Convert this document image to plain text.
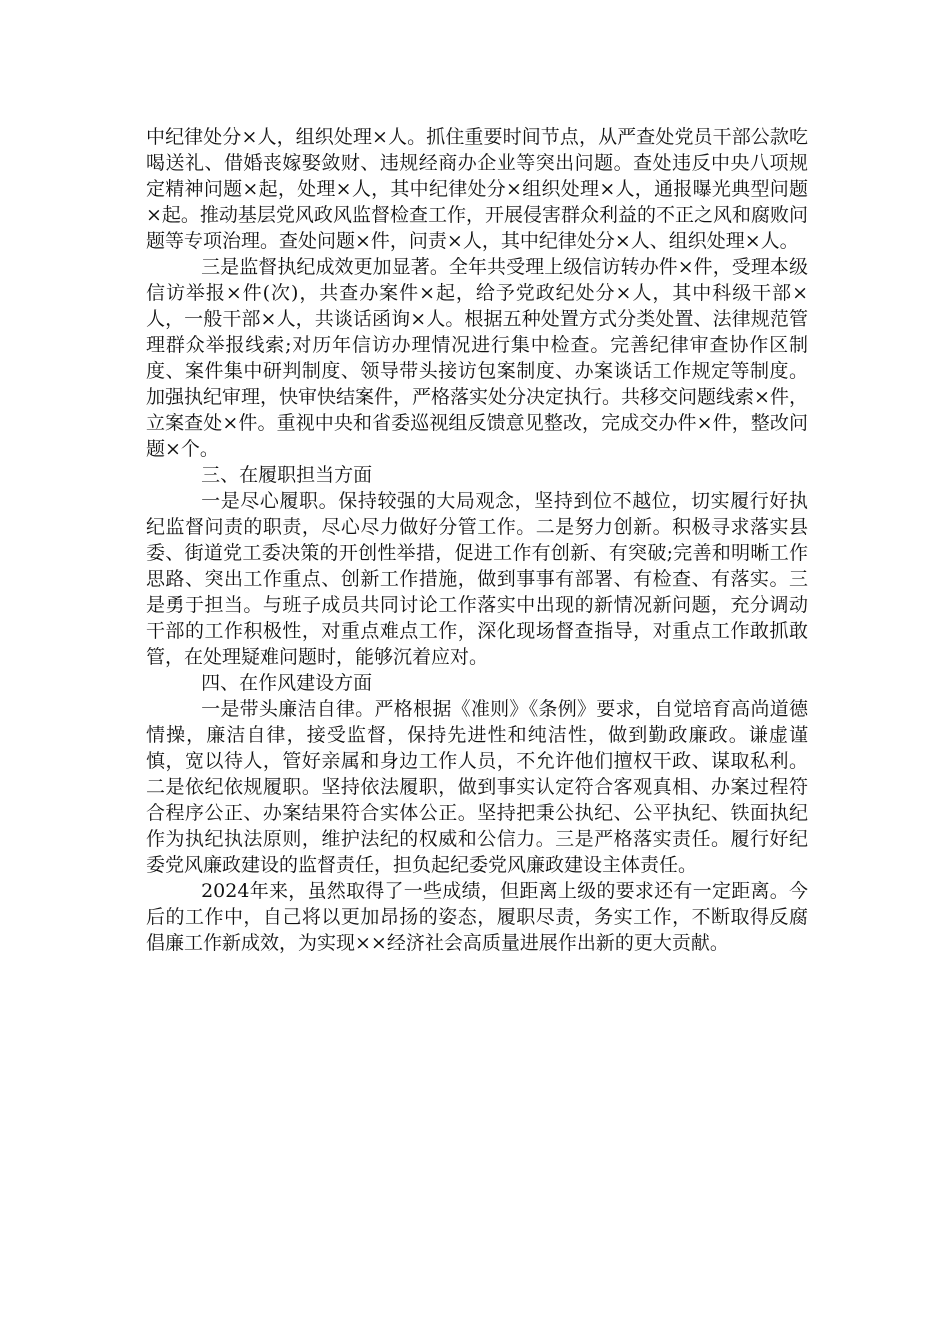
中纪律处分×人，组织处理×人。抓住重要时间节点，从严查处党员干部公款吃喝送礼、借婚丧嫁娶敛财、违规经商办企业等突出问题。查处违反中央八项规定精神问题×起，处理×人，其中纪律处分×组织处理×人，通报曝光典型问题×起。推动基层党风政风监督检查工作，开展侵害群众利益的不正之风和腐败问题等专项治理。查处问题×件，问责×人，其中纪律处分×人、组织处理×人。

三是监督执纪成效更加显著。全年共受理上级信访转办件×件，受理本级信访举报×件(次)，共查办案件×起，给予党政纪处分×人，其中科级干部×人，一般干部×人，共谈话函询×人。根据五种处置方式分类处置、法律规范管理群众举报线索;对历年信访办理情况进行集中检查。完善纪律审查协作区制度、案件集中研判制度、领导带头接访包案制度、办案谈话工作规定等制度。加强执纪审理，快审快结案件，严格落实处分决定执行。共移交问题线索×件，立案查处×件。重视中央和省委巡视组反馈意见整改，完成交办件×件，整改问题×个。

三、在履职担当方面

一是尽心履职。保持较强的大局观念，坚持到位不越位，切实履行好执纪监督问责的职责，尽心尽力做好分管工作。二是努力创新。积极寻求落实县委、街道党工委决策的开创性举措，促进工作有创新、有突破;完善和明晰工作思路、突出工作重点、创新工作措施，做到事事有部署、有检查、有落实。三是勇于担当。与班子成员共同讨论工作落实中出现的新情况新问题，充分调动干部的工作积极性，对重点难点工作，深化现场督查指导，对重点工作敢抓敢管，在处理疑难问题时，能够沉着应对。

四、在作风建设方面

一是带头廉洁自律。严格根据《准则》《条例》要求，自觉培育高尚道德情操，廉洁自律，接受监督，保持先进性和纯洁性，做到勤政廉政。谦虚谨慎，宽以待人，管好亲属和身边工作人员，不允许他们擅权干政、谋取私利。二是依纪依规履职。坚持依法履职，做到事实认定符合客观真相、办案过程符合程序公正、办案结果符合实体公正。坚持把秉公执纪、公平执纪、铁面执纪作为执纪执法原则，维护法纪的权威和公信力。三是严格落实责任。履行好纪委党风廉政建设的监督责任，担负起纪委党风廉政建设主体责任。

2024年来，虽然取得了一些成绩，但距离上级的要求还有一定距离。今后的工作中，自己将以更加昂扬的姿态，履职尽责，务实工作，不断取得反腐倡廉工作新成效，为实现××经济社会高质量进展作出新的更大贡献。
